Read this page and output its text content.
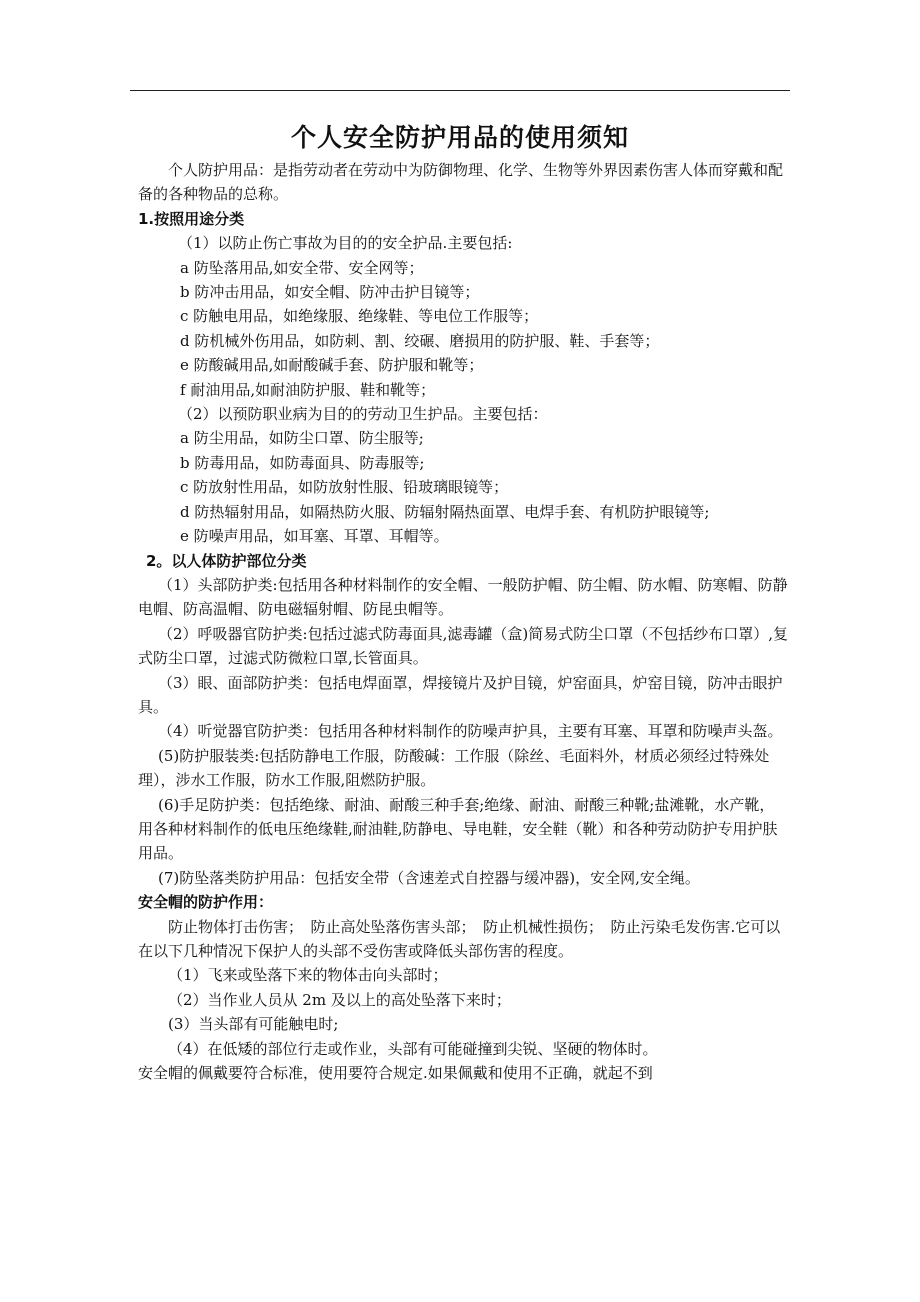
个人安全防护用品的使用须知

个人防护用品：是指劳动者在劳动中为防御物理、化学、生物等外界因素伤害人体而穿戴和配备的各种物品的总称。

1.按照用途分类

（1）以防止伤亡事故为目的的安全护品.主要包括:

a 防坠落用品,如安全带、安全网等；

b 防冲击用品，如安全帽、防冲击护目镜等；

c 防触电用品，如绝缘服、绝缘鞋、等电位工作服等；

d 防机械外伤用品，如防刺、割、绞碾、磨损用的防护服、鞋、手套等；

e 防酸碱用品,如耐酸碱手套、防护服和靴等；

f 耐油用品,如耐油防护服、鞋和靴等；

（2）以预防职业病为目的的劳动卫生护品。主要包括：

a 防尘用品，如防尘口罩、防尘服等;

b 防毒用品，如防毒面具、防毒服等;

c 防放射性用品，如防放射性服、铅玻璃眼镜等；

d 防热辐射用品，如隔热防火服、防辐射隔热面罩、电焊手套、有机防护眼镜等;

e 防噪声用品，如耳塞、耳罩、耳帽等。

2。以人体防护部位分类

（1）头部防护类:包括用各种材料制作的安全帽、一般防护帽、防尘帽、防水帽、防寒帽、防静电帽、防高温帽、防电磁辐射帽、防昆虫帽等。

（2）呼吸器官防护类:包括过滤式防毒面具,滤毒罐（盒)简易式防尘口罩（不包括纱布口罩）,复式防尘口罩，过滤式防微粒口罩,长管面具。

（3）眼、面部防护类：包括电焊面罩，焊接镜片及护目镜，炉窑面具，炉窑目镜，防冲击眼护具。

（4）听觉器官防护类：包括用各种材料制作的防噪声护具，主要有耳塞、耳罩和防噪声头盔。

(5)防护服装类:包括防静电工作服，防酸碱：工作服（除丝、毛面料外，材质必须经过特殊处理），涉水工作服，防水工作服,阻燃防护服。

(6)手足防护类：包括绝缘、耐油、耐酸三种手套;绝缘、耐油、耐酸三种靴;盐滩靴，水产靴，用各种材料制作的低电压绝缘鞋,耐油鞋,防静电、导电鞋，安全鞋（靴）和各种劳动防护专用护肤用品。

(7)防坠落类防护用品：包括安全带（含速差式自控器与缓冲器)，安全网,安全绳。

安全帽的防护作用：

防止物体打击伤害；　防止高处坠落伤害头部；　防止机械性损伤；　防止污染毛发伤害.它可以在以下几种情况下保护人的头部不受伤害或降低头部伤害的程度。

（1）飞来或坠落下来的物体击向头部时；

（2）当作业人员从 2m 及以上的高处坠落下来时；

(3）当头部有可能触电时;

（4）在低矮的部位行走或作业，头部有可能碰撞到尖锐、坚硬的物体时。

安全帽的佩戴要符合标准，使用要符合规定.如果佩戴和使用不正确，就起不到
